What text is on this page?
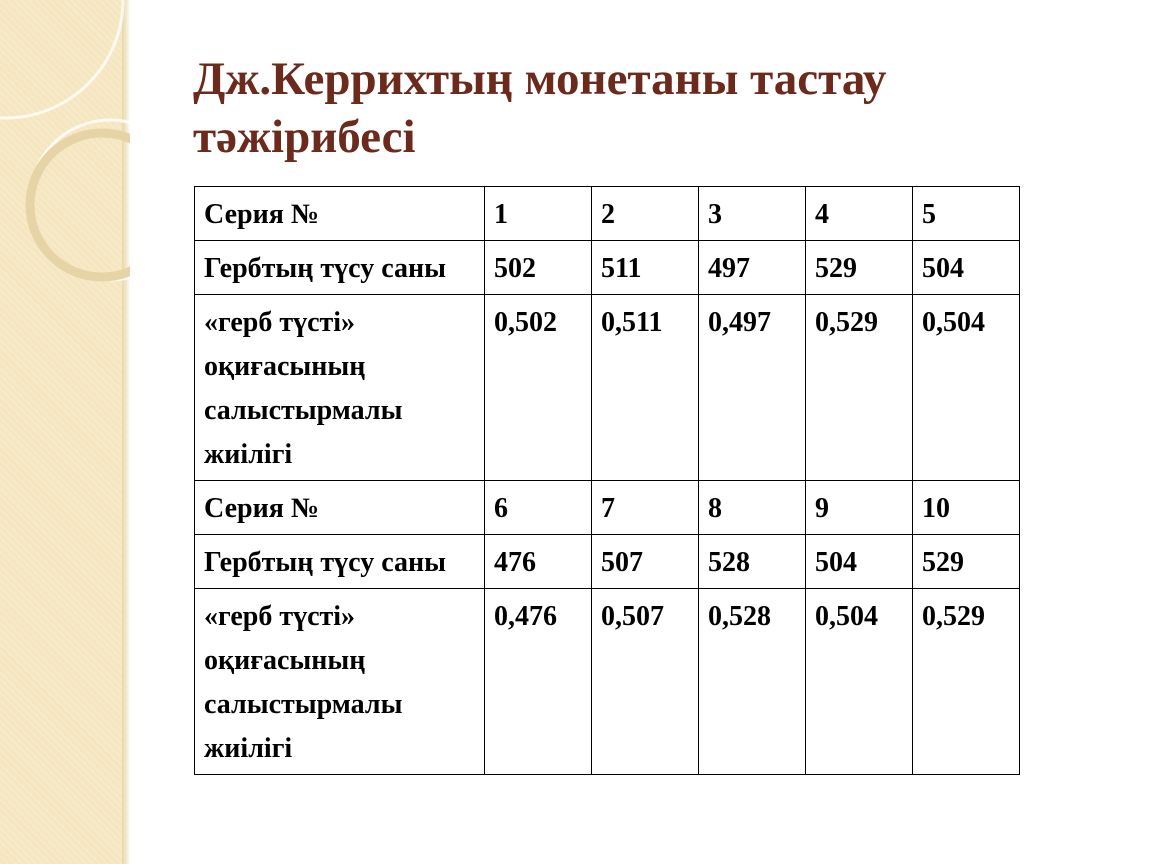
Дж.Керрихтың монетаны тастау тәжірибесі
Серия №	1	2	3	4	5
Гербтың түсу саны	502	511	497	529	504
«герб түсті» оқиғасының салыстырмалы жиілігі	0,502	0,511	0,497	0,529	0,504
Серия №	6	7	8	9	10
Гербтың түсу саны	476	507	528	504	529
«герб түсті» оқиғасының салыстырмалы жиілігі	0,476	0,507	0,528	0,504	0,529
